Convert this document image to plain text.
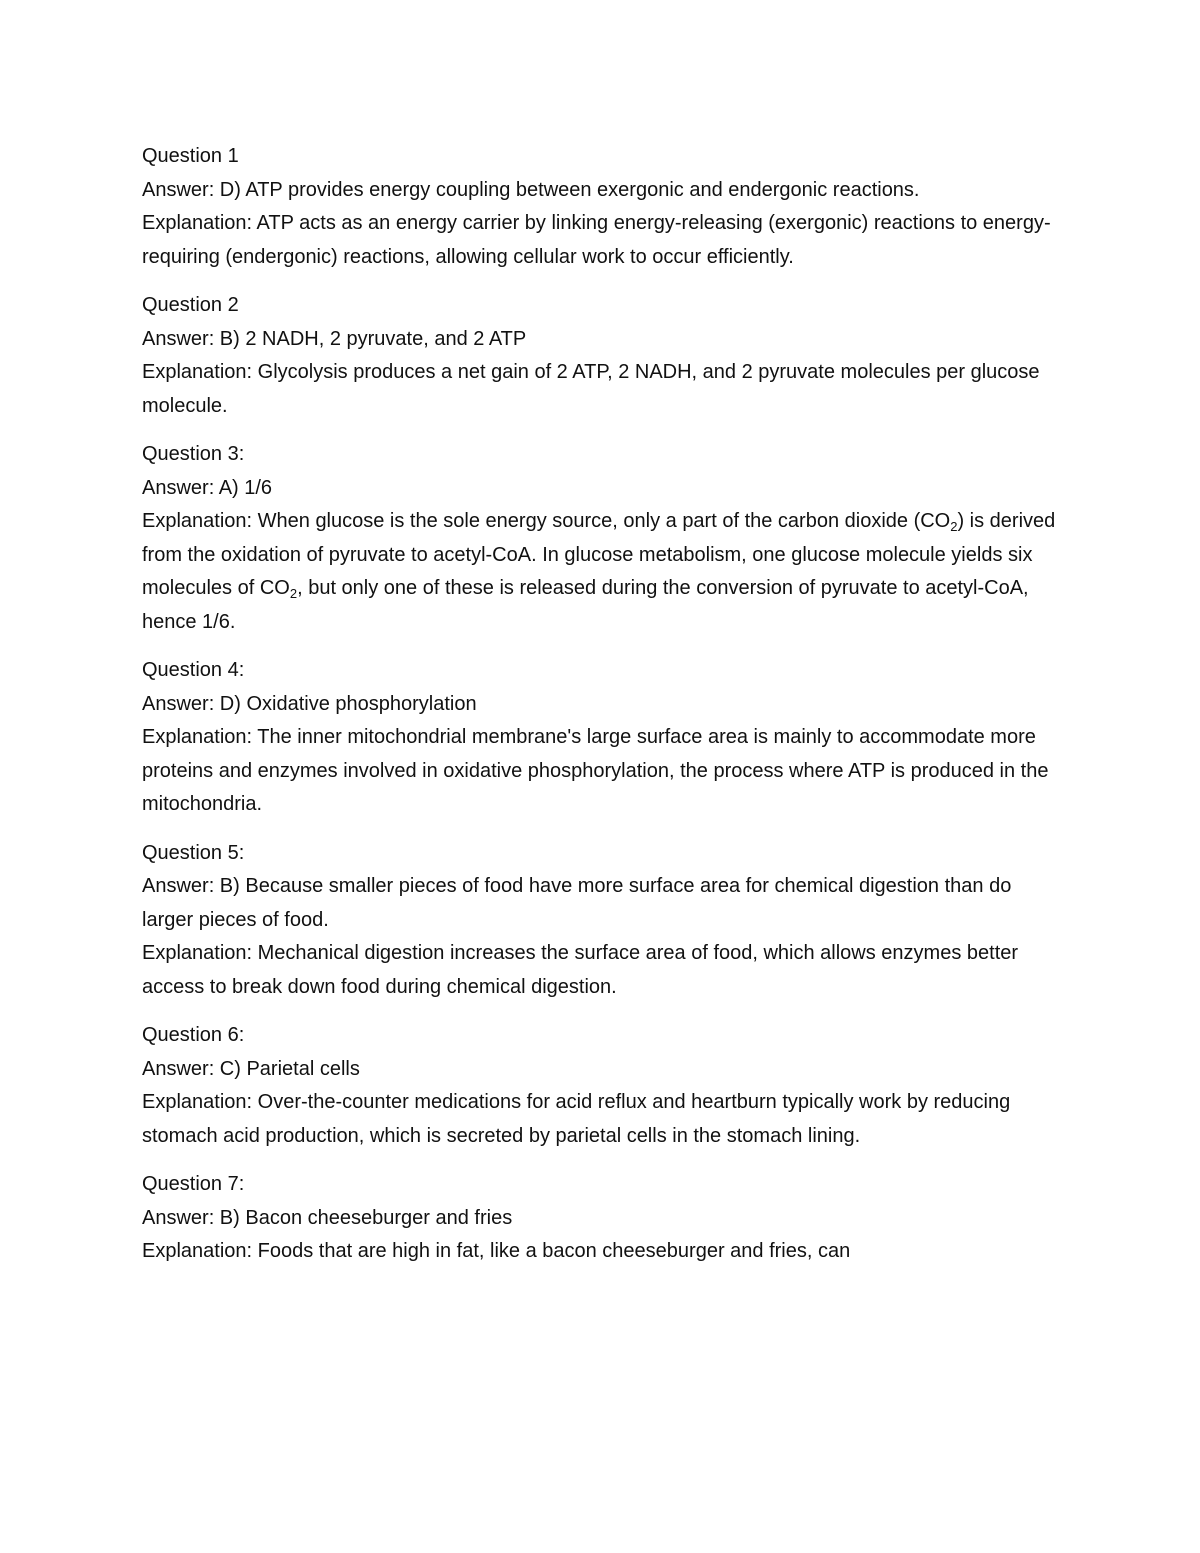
Question 1

Answer: D) ATP provides energy coupling between exergonic and endergonic reactions.

Explanation: ATP acts as an energy carrier by linking energy-releasing (exergonic) reactions to energy-requiring (endergonic) reactions, allowing cellular work to occur efficiently.

Question 2

Answer: B) 2 NADH, 2 pyruvate, and 2 ATP

Explanation: Glycolysis produces a net gain of 2 ATP, 2 NADH, and 2 pyruvate molecules per glucose molecule.

Question 3:

Answer: A) 1/6

Explanation: When glucose is the sole energy source, only a part of the carbon dioxide $(CO_2)$ is derived from the oxidation of pyruvate to acetyl-CoA. In glucose metabolism, one glucose molecule yields six molecules of $CO_2$, but only one of these is released during the conversion of pyruvate to acetyl-CoA, hence 1/6.

Question 4:

Answer: D) Oxidative phosphorylation

Explanation: The inner mitochondrial membrane's large surface area is mainly to accommodate more proteins and enzymes involved in oxidative phosphorylation, the process where ATP is produced in the mitochondria.

Question 5:

Answer: B) Because smaller pieces of food have more surface area for chemical digestion than do larger pieces of food.

Explanation: Mechanical digestion increases the surface area of food, which allows enzymes better access to break down food during chemical digestion.

Question 6:

Answer: C) Parietal cells

Explanation: Over-the-counter medications for acid reflux and heartburn typically work by reducing stomach acid production, which is secreted by parietal cells in the stomach lining.

Question 7:

Answer: B) Bacon cheeseburger and fries

Explanation: Foods that are high in fat, like a bacon cheeseburger and fries, can
